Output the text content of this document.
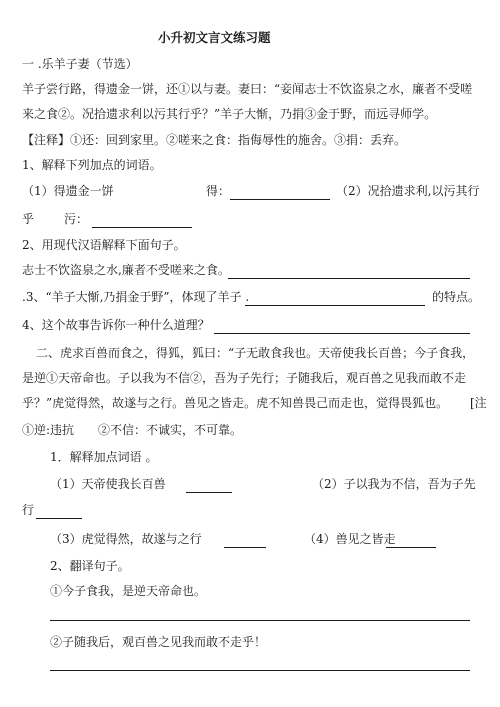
小升初文言文练习题
一 .乐羊子妻（节选）
羊子尝行路，得遗金一饼，还①以与妻。妻曰：“妾闻志士不饮盗泉之水，廉者不受嗟
来之食②。况拾遗求利以污其行乎？”羊子大惭，乃捐③金于野，而远寻师学。
【注释】①还：回到家里。②嗟来之食：指侮辱性的施舍。③捐：丢弃。
1、解释下列加点的词语。
（1）得遗金一饼	得：	（2）况拾遗求利,以污其行
乎 污：
2、用现代汉语解释下面句子。
志士不饮盗泉之水,廉者不受嗟来之食。
.3、“羊子大惭,乃捐金于野”，体现了羊子 .	的特点。
4、这个故事告诉你一种什么道理？
二、虎求百兽而食之，得狐，狐曰：“子无敢食我也。天帝使我长百兽；今子食我，
是逆①天帝命也。子以我为不信②，吾为子先行；子随我后，观百兽之见我而敢不走
乎？”虎觉得然，故遂与之行。兽见之皆走。虎不知兽畏己而走也，觉得畏狐也。 [注
①逆:违抗　　②不信：不诚实，不可靠。
1．解释加点词语 。
（1）天帝使我长百兽	（2）子以我为不信，吾为子先
行
（3）虎觉得然，故遂与之行	（4）兽见之皆走
2、翻译句子。
①今子食我，是逆天帝命也。
②子随我后，观百兽之见我而敢不走乎！
